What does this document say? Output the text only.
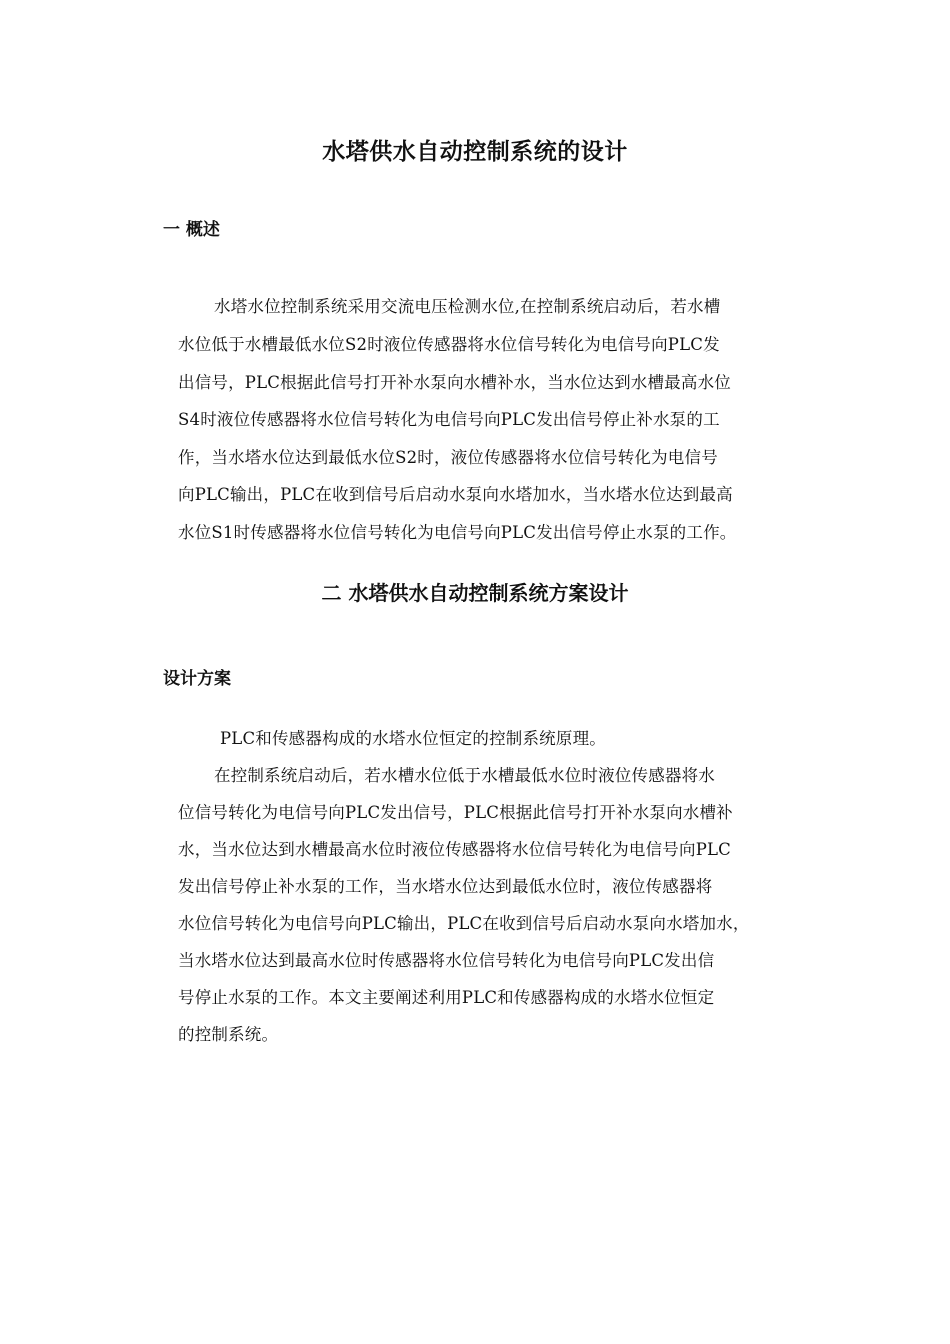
水塔供水自动控制系统的设计
一 概述
水塔水位控制系统采用交流电压检测水位,在控制系统启动后，若水槽
水位低于水槽最低水位S2时液位传感器将水位信号转化为电信号向PLC发
出信号，PLC根据此信号打开补水泵向水槽补水，当水位达到水槽最高水位
S4时液位传感器将水位信号转化为电信号向PLC发出信号停止补水泵的工
作，当水塔水位达到最低水位S2时，液位传感器将水位信号转化为电信号
向PLC输出，PLC在收到信号后启动水泵向水塔加水，当水塔水位达到最高
水位S1时传感器将水位信号转化为电信号向PLC发出信号停止水泵的工作。
二 水塔供水自动控制系统方案设计
设计方案
PLC和传感器构成的水塔水位恒定的控制系统原理。
在控制系统启动后，若水槽水位低于水槽最低水位时液位传感器将水
位信号转化为电信号向PLC发出信号，PLC根据此信号打开补水泵向水槽补
水，当水位达到水槽最高水位时液位传感器将水位信号转化为电信号向PLC
发出信号停止补水泵的工作，当水塔水位达到最低水位时，液位传感器将
水位信号转化为电信号向PLC输出，PLC在收到信号后启动水泵向水塔加水，
当水塔水位达到最高水位时传感器将水位信号转化为电信号向PLC发出信
号停止水泵的工作。本文主要阐述利用PLC和传感器构成的水塔水位恒定
的控制系统。
